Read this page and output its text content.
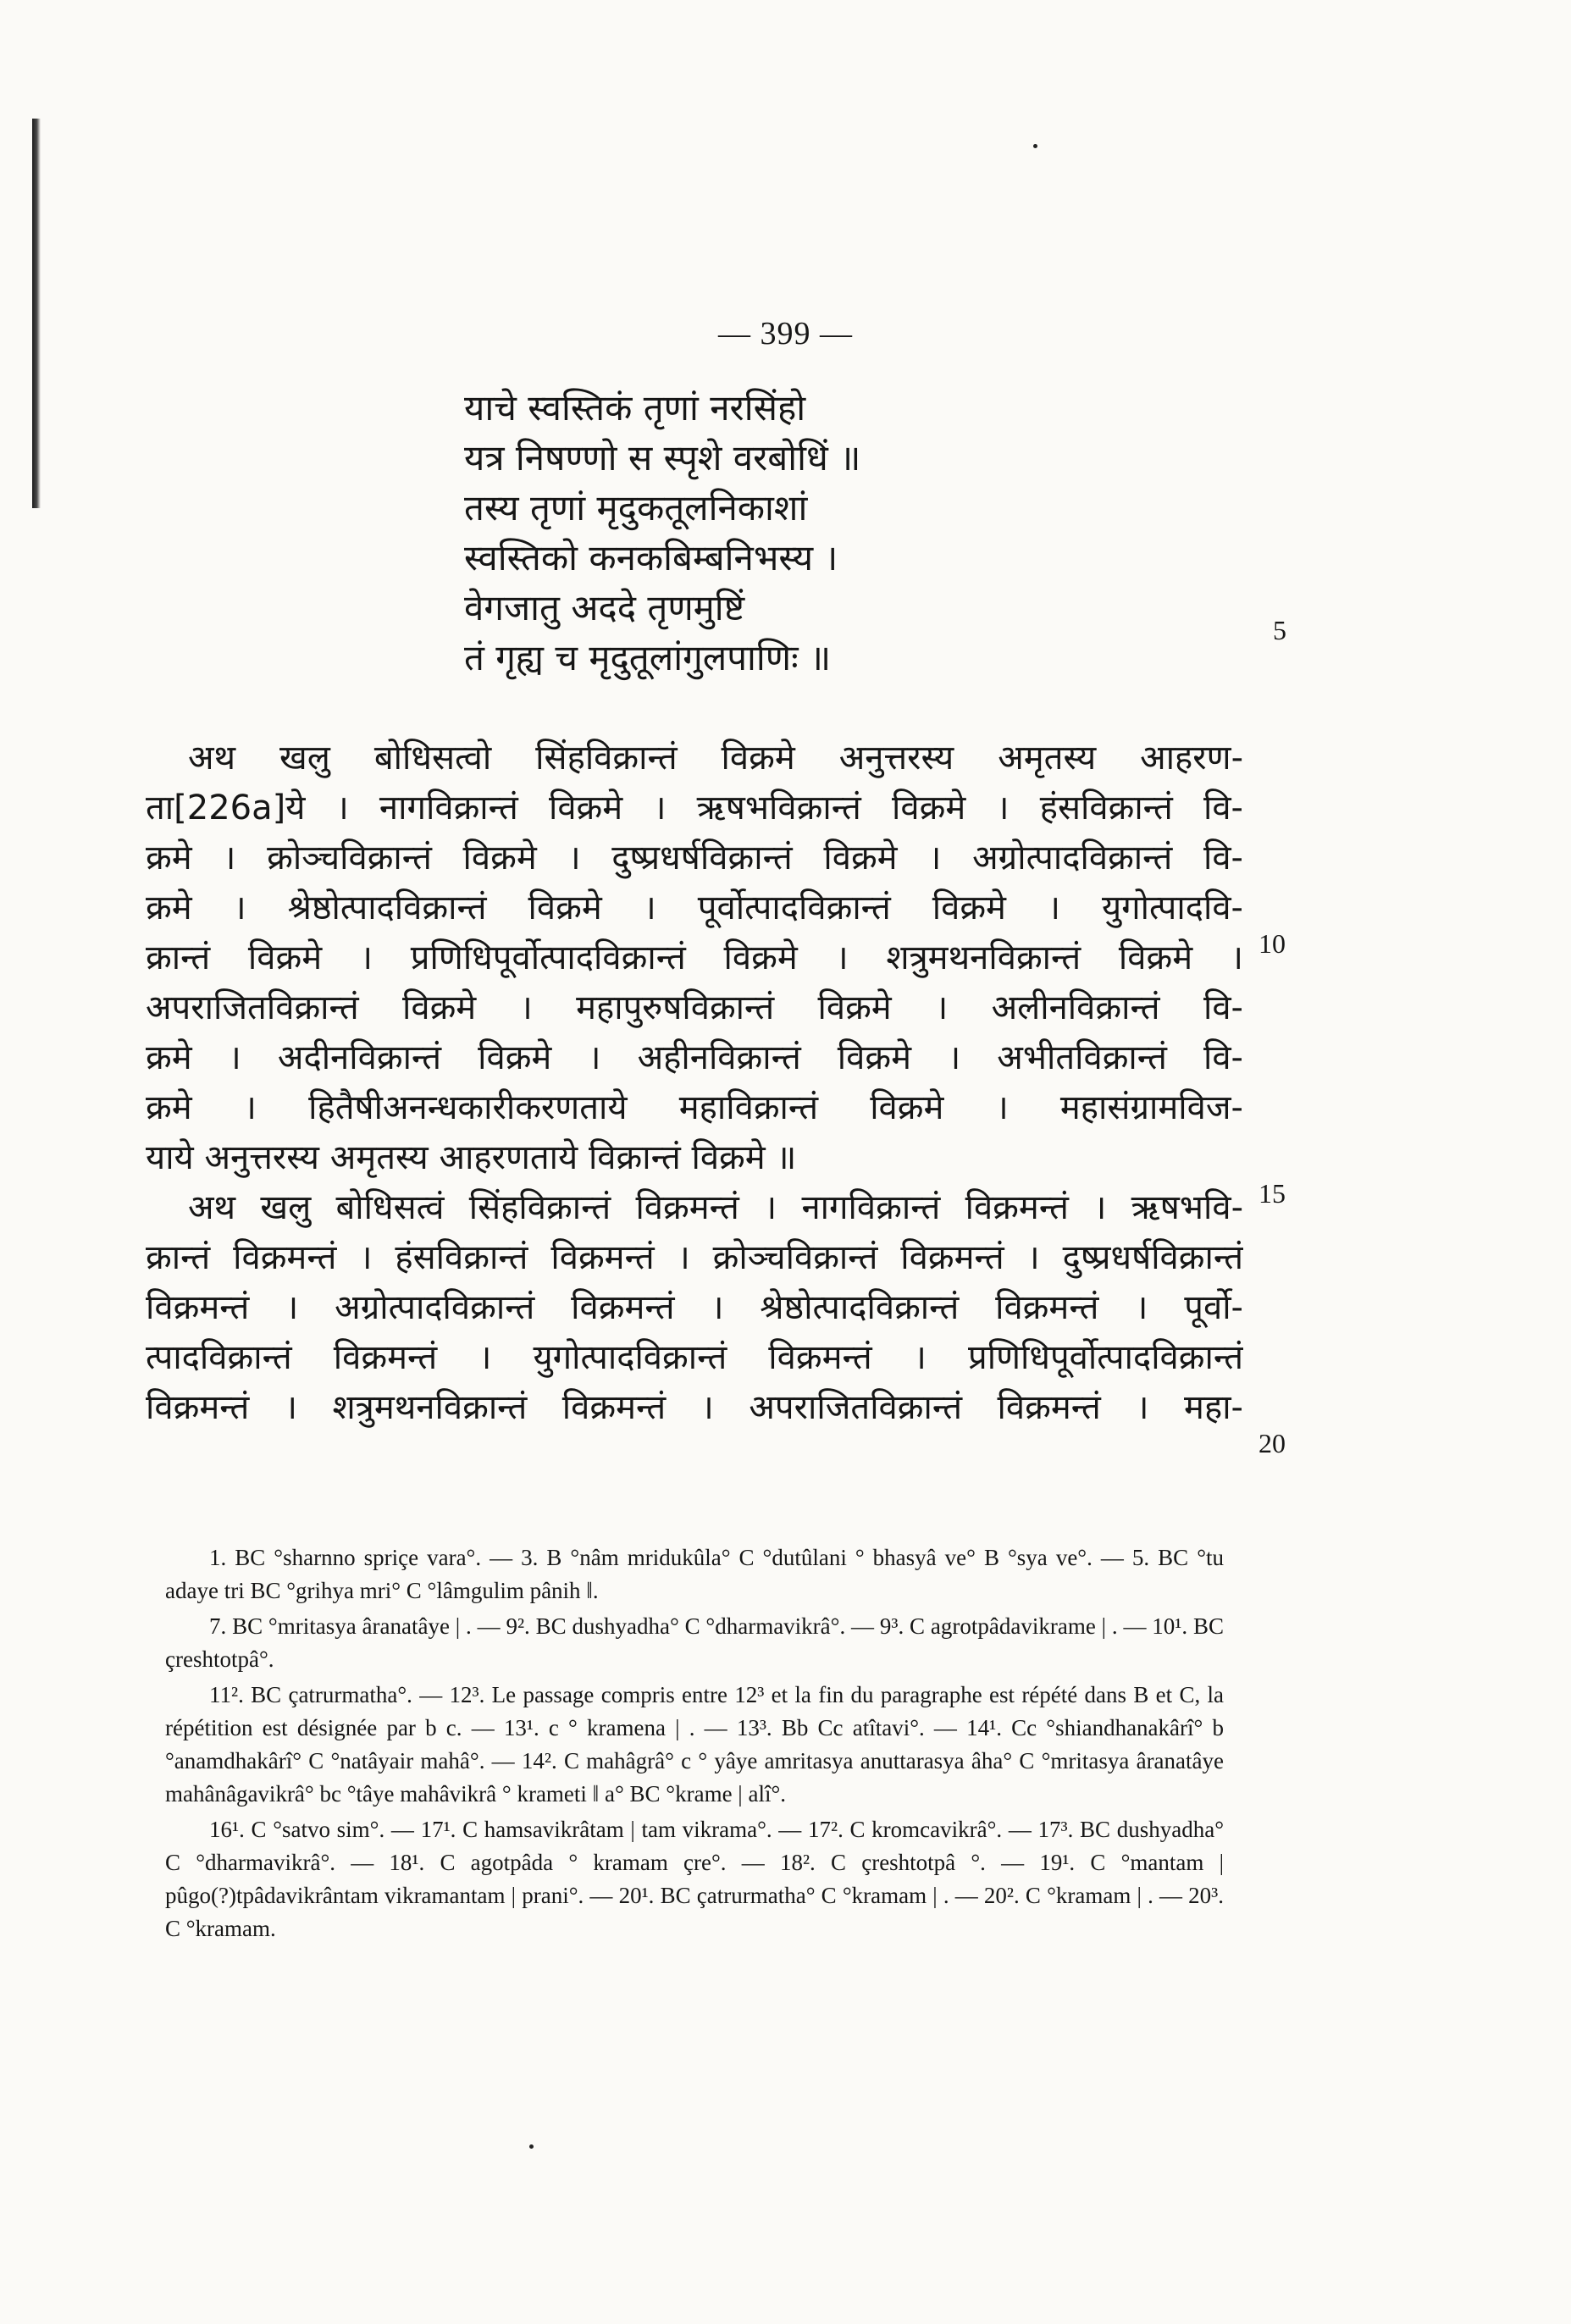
— 399 —
याचे स्वस्तिकं तृणां नरसिंहो
यत्र निषण्णो स स्पृशे वरबोधिं ॥
तस्य तृणां मृदुकतूलनिकाशां
स्वस्तिको कनकबिम्बनिभस्य ।
वेगजातु अददे तृणमुष्टिं
तं गृह्य च मृदुतूलांगुलपाणिः ॥
5
अथ खलु बोधिसत्वो सिंहविक्रान्तं विक्रमे अनुत्तरस्य अमृतस्य आहरण-
ता[226a]ये । नागविक्रान्तं विक्रमे । ऋषभविक्रान्तं विक्रमे । हंसविक्रान्तं वि-
क्रमे । क्रोञ्चविक्रान्तं विक्रमे । दुष्प्रधर्षविक्रान्तं विक्रमे । अग्रोत्पादविक्रान्तं वि-
क्रमे । श्रेष्ठोत्पादविक्रान्तं विक्रमे । पूर्वोत्पादविक्रान्तं विक्रमे । युगोत्पादवि-
क्रान्तं विक्रमे । प्रणिधिपूर्वोत्पादविक्रान्तं विक्रमे । शत्रुमथनविक्रान्तं विक्रमे ।
अपराजितविक्रान्तं विक्रमे । महापुरुषविक्रान्तं विक्रमे । अलीनविक्रान्तं वि-
क्रमे । अदीनविक्रान्तं विक्रमे । अहीनविक्रान्तं विक्रमे । अभीतविक्रान्तं वि-
क्रमे । हितैषीअनन्धकारीकरणताये महाविक्रान्तं विक्रमे । महासंग्रामविज-
याये अनुत्तरस्य अमृतस्य आहरणताये विक्रान्तं विक्रमे ॥
अथ खलु बोधिसत्वं सिंहविक्रान्तं विक्रमन्तं । नागविक्रान्तं विक्रमन्तं । ऋषभवि-
क्रान्तं विक्रमन्तं । हंसविक्रान्तं विक्रमन्तं । क्रोञ्चविक्रान्तं विक्रमन्तं । दुष्प्रधर्षविक्रान्तं
विक्रमन्तं । अग्रोत्पादविक्रान्तं विक्रमन्तं । श्रेष्ठोत्पादविक्रान्तं विक्रमन्तं । पूर्वो-
त्पादविक्रान्तं विक्रमन्तं । युगोत्पादविक्रान्तं विक्रमन्तं । प्रणिधिपूर्वोत्पादविक्रान्तं
विक्रमन्तं । शत्रुमथनविक्रान्तं विक्रमन्तं । अपराजितविक्रान्तं विक्रमन्तं । महा-
10
15
20

1. BC °sharnno spriçe vara°. — 3. B °nâm mridukûla° C °dutûlani ° bhasyâ ve° B °sya ve°. — 5. BC °tu adaye tri BC °grihya mri° C °lâmgulim pânih ‖.

7. BC °mritasya âranatâye | . — 9². BC dushyadha° C °dharmavikrâ°. — 9³. C agrotpâdavikrame | . — 10¹. BC çreshtotpâ°.

11². BC çatrurmatha°. — 12³. Le passage compris entre 12³ et la fin du paragraphe est répété dans B et C, la répétition est désignée par b c. — 13¹. c ° kramena | . — 13³. Bb Cc atîtavi°. — 14¹. Cc °shiandhanakârî° b °anamdhakârî° C °natâyair mahâ°. — 14². C mahâgrâ° c ° yâye amritasya anuttarasya âha° C °mritasya âranatâye mahânâgavikrâ° bc °tâye mahâvikrâ ° krameti ‖ a° BC °krame | alî°.

16¹. C °satvo sim°. — 17¹. C hamsavikrâtam | tam vikrama°. — 17². C kromcavikrâ°. — 17³. BC dushyadha° C °dharmavikrâ°. — 18¹. C agotpâda ° kramam çre°. — 18². C çreshtotpâ °. — 19¹. C °mantam | pûgo(?)tpâdavikrântam vikramantam | prani°. — 20¹. BC çatrurmatha° C °kramam | . — 20². C °kramam | . — 20³. C °kramam.
